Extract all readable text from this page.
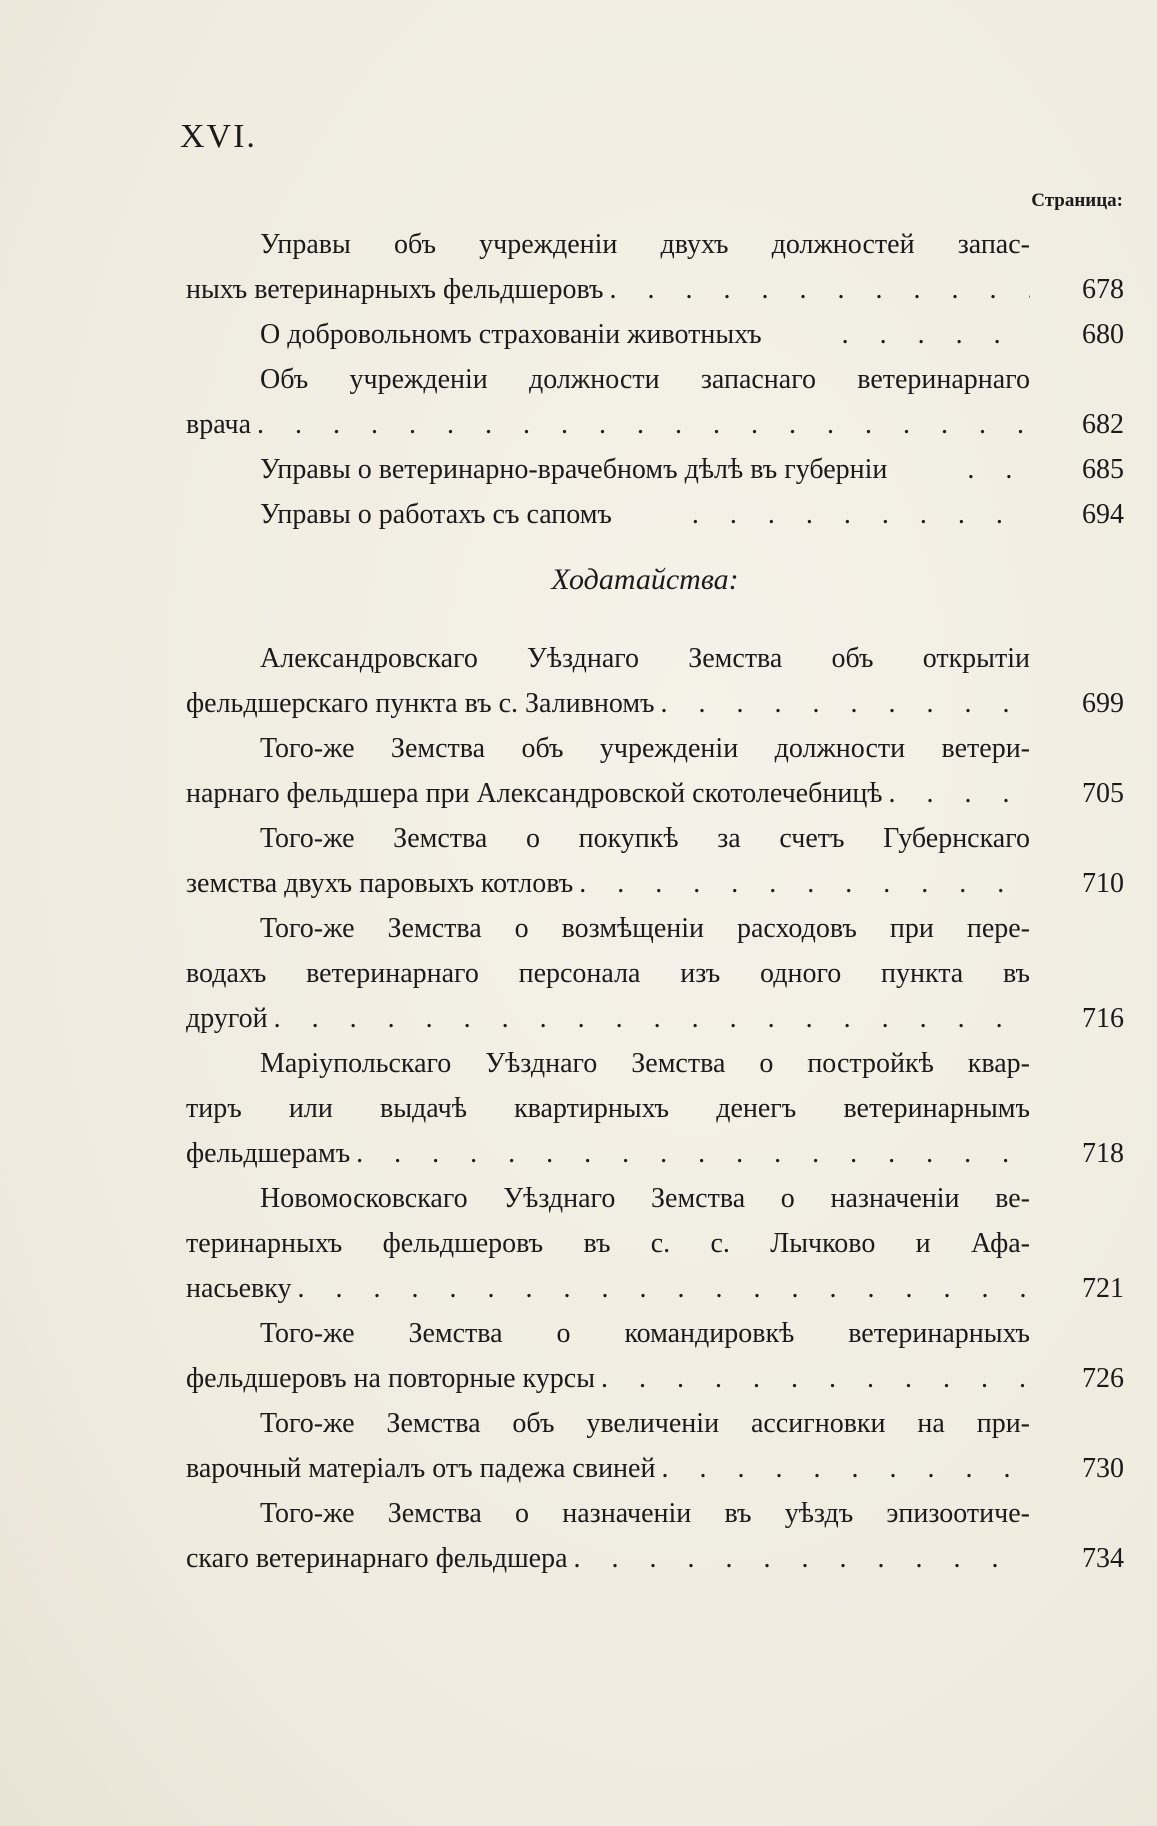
XVI.
Страница:
Управы объ учрежденіи двухъ должностей запас-
ныхъ ветеринарныхъ фельдшеровъ . . .	678
О добровольномъ страхованіи животныхъ . . .	680
Объ учрежденіи должности запаснаго ветеринарнаго
врача . . .	682
Управы о ветеринарно-врачебномъ дѣлѣ въ губерніи . . .	685
Управы о работахъ съ сапомъ . . .	694
Ходатайства:
Александровскаго Уѣзднаго Земства объ открытіи
фельдшерскаго пункта въ с. Заливномъ . . .	699
Того-же Земства объ учрежденіи должности ветери-
нарнаго фельдшера при Александровской скотолечебницѣ . . .	705
Того-же Земства о покупкѣ за счетъ Губернскаго
земства двухъ паровыхъ котловъ . . .	710
Того-же Земства о возмѣщеніи расходовъ при пере-
водахъ ветеринарнаго персонала изъ одного пункта въ
другой . . .	716
Маріупольскаго Уѣзднаго Земства о постройкѣ квар-
тиръ или выдачѣ квартирныхъ денегъ ветеринарнымъ
фельдшерамъ . . .	718
Новомосковскаго Уѣзднаго Земства о назначеніи ве-
теринарныхъ фельдшеровъ въ с. с. Лычково и Афа-
насьевку . . .	721
Того-же Земства о командировкѣ ветеринарныхъ
фельдшеровъ на повторные курсы . . .	726
Того-же Земства объ увеличеніи ассигновки на при-
варочный матеріалъ отъ падежа свиней . . .	730
Того-же Земства о назначеніи въ уѣздъ эпизоотиче-
скаго ветеринарнаго фельдшера . . .	734
